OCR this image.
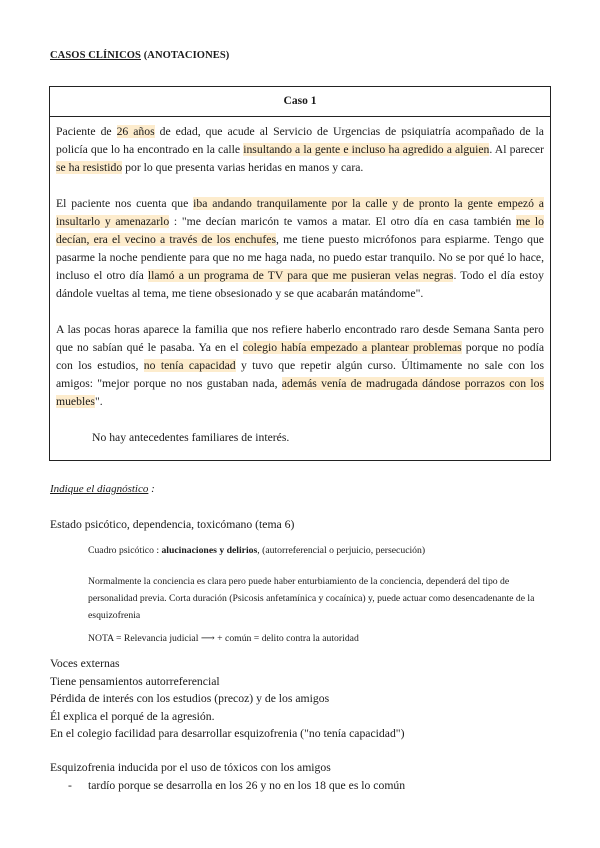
CASOS CLÍNICOS (ANOTACIONES)
Caso 1

Paciente de 26 años de edad, que acude al Servicio de Urgencias de psiquiatría acompañado de la policía que lo ha encontrado en la calle insultando a la gente e incluso ha agredido a alguien. Al parecer se ha resistido por lo que presenta varias heridas en manos y cara.

El paciente nos cuenta que iba andando tranquilamente por la calle y de pronto la gente empezó a insultarlo y amenazarlo : "me decían maricón te vamos a matar. El otro día en casa también me lo decían, era el vecino a través de los enchufes, me tiene puesto micrófonos para espiarme. Tengo que pasarme la noche pendiente para que no me haga nada, no puedo estar tranquilo. No se por qué lo hace, incluso el otro día llamó a un programa de TV para que me pusieran velas negras. Todo el día estoy dándole vueltas al tema, me tiene obsesionado y se que acabarán matándome".

A las pocas horas aparece la familia que nos refiere haberlo encontrado raro desde Semana Santa pero que no sabían qué le pasaba. Ya en el colegio había empezado a plantear problemas porque no podía con los estudios, no tenía capacidad y tuvo que repetir algún curso. Últimamente no sale con los amigos: "mejor porque no nos gustaban nada, además venía de madrugada dándose porrazos con los muebles".

No hay antecedentes familiares de interés.

Indique el diagnóstico :
Estado psicótico, dependencia, toxicómano (tema 6)
Cuadro psicótico : alucinaciones y delirios, (autorreferencial o perjuicio, persecución)
Normalmente la conciencia es clara pero puede haber enturbiamiento de la conciencia, dependerá del tipo de personalidad previa. Corta duración (Psicosis anfetamínica y cocaínica) y, puede actuar como desencadenante de la esquizofrenia
NOTA = Relevancia judicial ⟶ + común = delito contra la autoridad
Voces externas
Tiene pensamientos autorreferencial
Pérdida de interés con los estudios (precoz) y de los amigos
Él explica el porqué de la agresión.
En el colegio facilidad para desarrollar esquizofrenia ("no tenía capacidad")
Esquizofrenia inducida por el uso de tóxicos con los amigos
- tardío porque se desarrolla en los 26 y no en los 18 que es lo común
